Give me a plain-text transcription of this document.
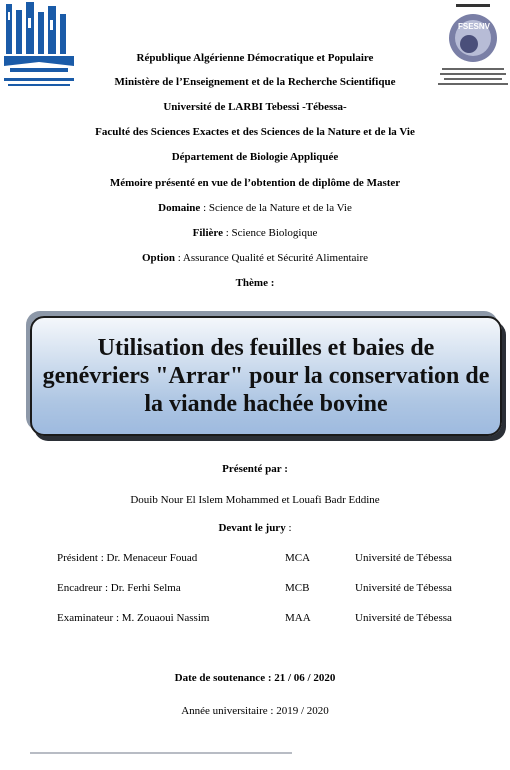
FSESNV
République Algérienne Démocratique et Populaire
Ministère de l’Enseignement et de la Recherche Scientifique
Université de LARBI Tebessi -Tébessa-
Faculté des Sciences Exactes et des Sciences de la Nature et de la Vie
Département de Biologie Appliquée
Mémoire présenté en vue de l’obtention de diplôme de Master
Domaine : Science de la Nature et de la Vie
Filière : Science Biologique
Option : Assurance Qualité et Sécurité Alimentaire
Thème :

Utilisation des feuilles et baies de genévriers "Arrar" pour la conservation de la viande hachée bovine

Présenté par :
Douib Nour El Islem Mohammed et Louafi Badr Eddine
Devant le jury :
Président : Dr. Menaceur Fouad	MCA	Université de Tébessa
Encadreur : Dr. Ferhi Selma	MCB	Université de Tébessa
Examinateur : M. Zouaoui Nassim	MAA	Université de Tébessa
Date de soutenance : 21 / 06 / 2020
Année universitaire : 2019 / 2020
